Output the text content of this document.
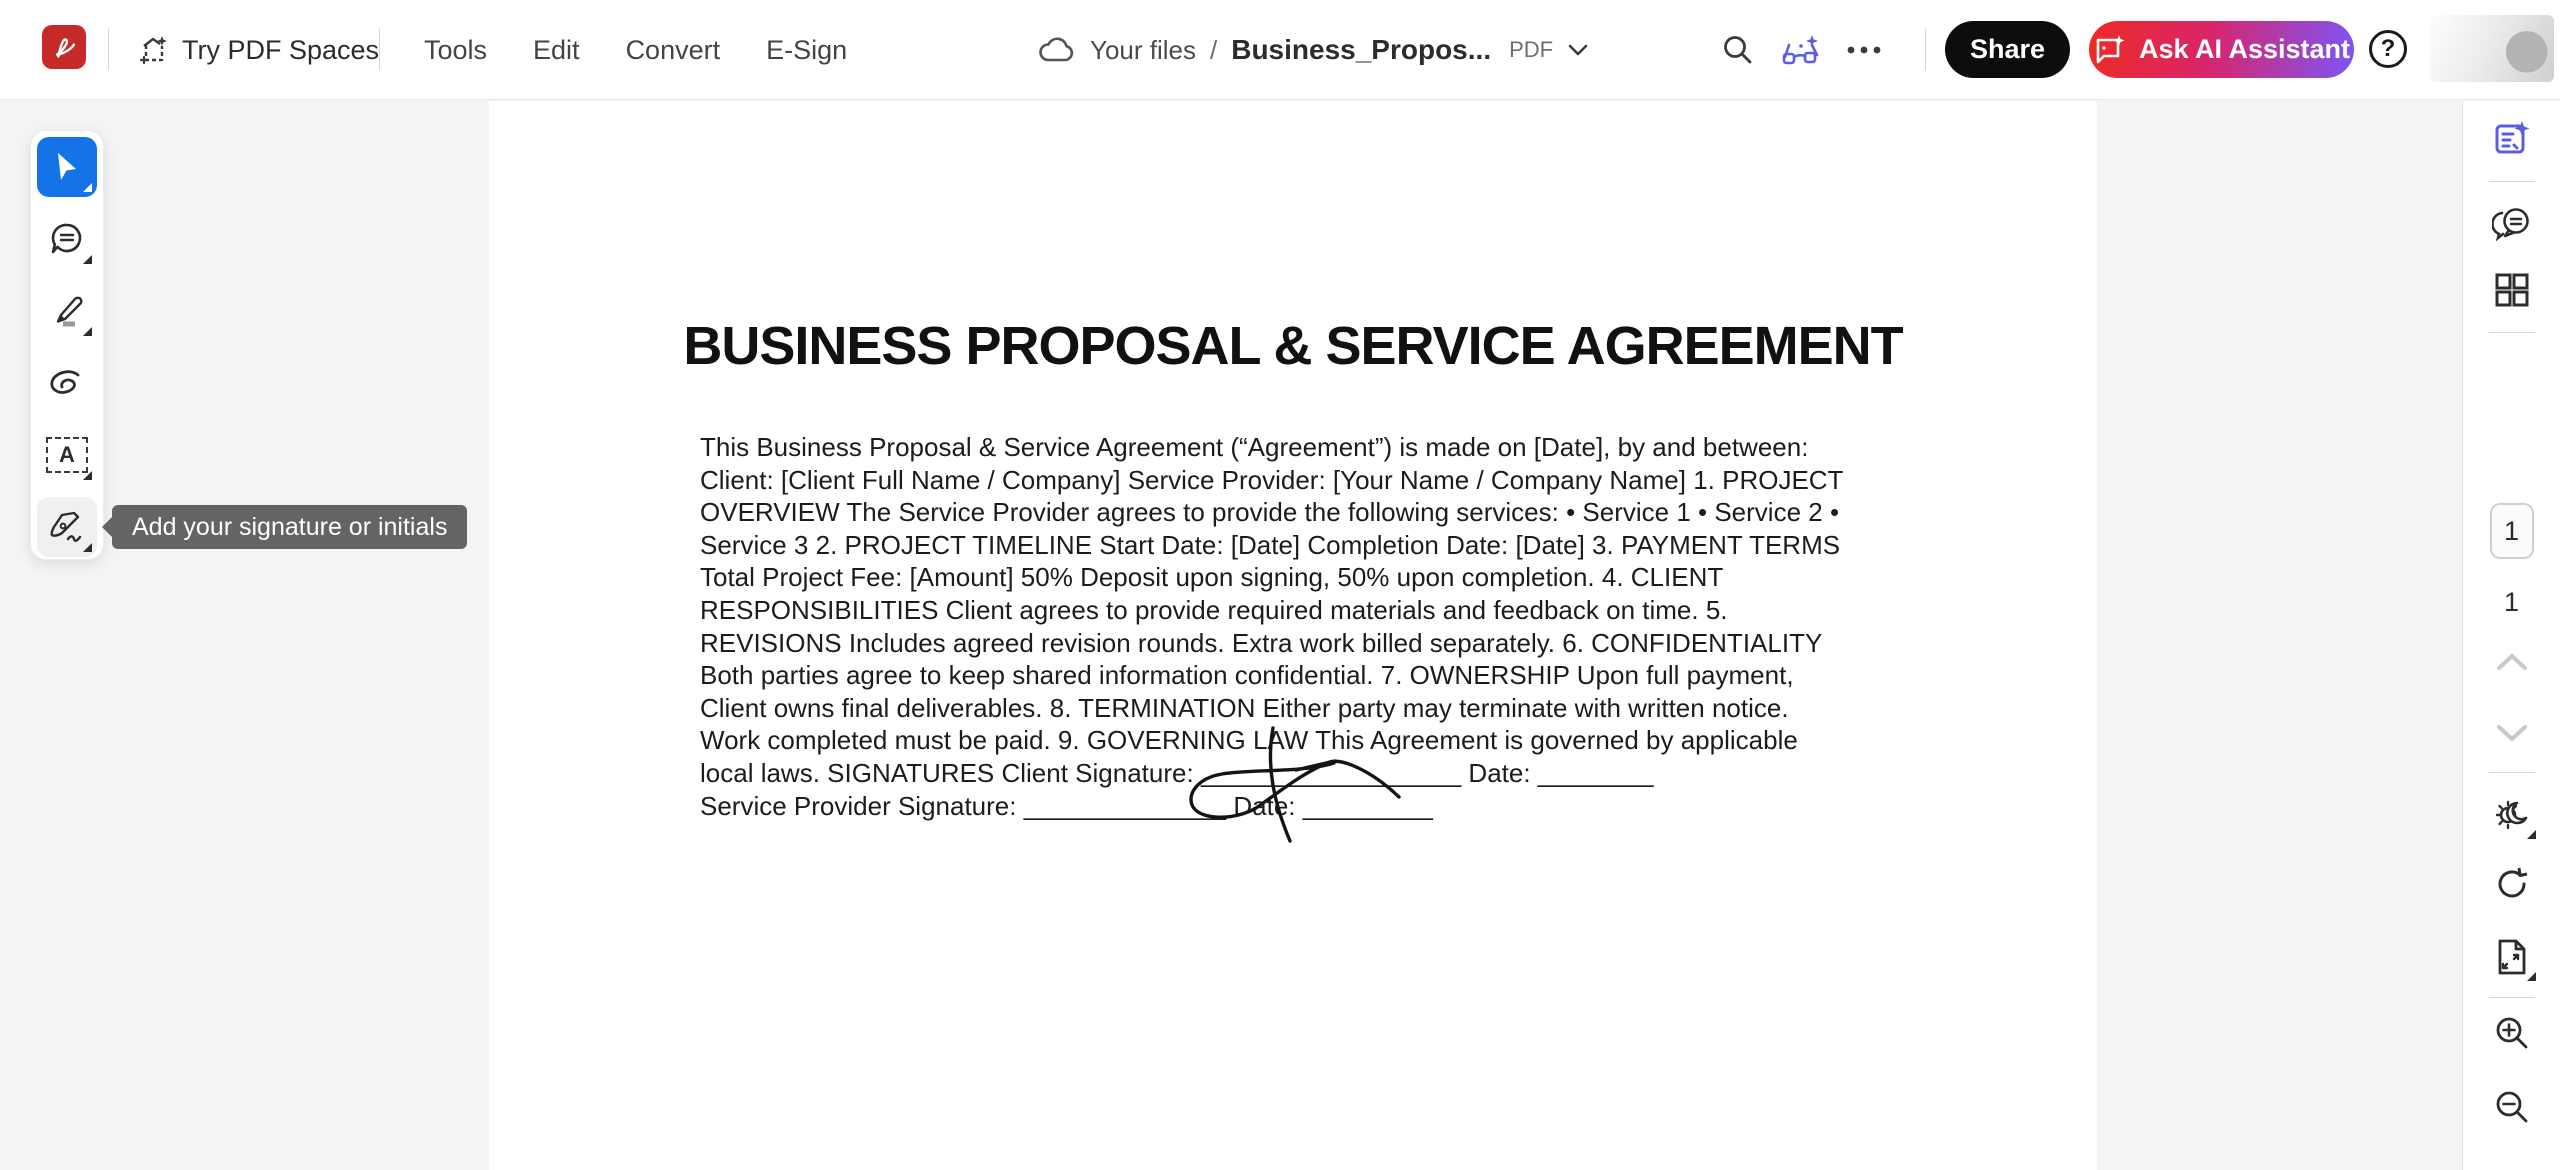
Try PDF Spaces Tools Edit Convert E-Sign	Your files / Business_Propos... PDF	Share	Ask AI Assistant ?
BUSINESS PROPOSAL & SERVICE AGREEMENT
This Business Proposal & Service Agreement (“Agreement”) is made on [Date], by and between:
Client: [Client Full Name / Company] Service Provider: [Your Name / Company Name] 1. PROJECT
OVERVIEW The Service Provider agrees to provide the following services: • Service 1 • Service 2 •
Service 3 2. PROJECT TIMELINE Start Date: [Date] Completion Date: [Date] 3. PAYMENT TERMS
Total Project Fee: [Amount] 50% Deposit upon signing, 50% upon completion. 4. CLIENT
RESPONSIBILITIES Client agrees to provide required materials and feedback on time. 5.
REVISIONS Includes agreed revision rounds. Extra work billed separately. 6. CONFIDENTIALITY
Both parties agree to keep shared information confidential. 7. OWNERSHIP Upon full payment,
Client owns final deliverables. 8. TERMINATION Either party may terminate with written notice.
Work completed must be paid. 9. GOVERNING LAW This Agreement is governed by applicable
local laws. SIGNATURES Client Signature: __________________ Date: ________
Service Provider Signature: ______________ Date: _________
A
Add your signature or initials	1
1
